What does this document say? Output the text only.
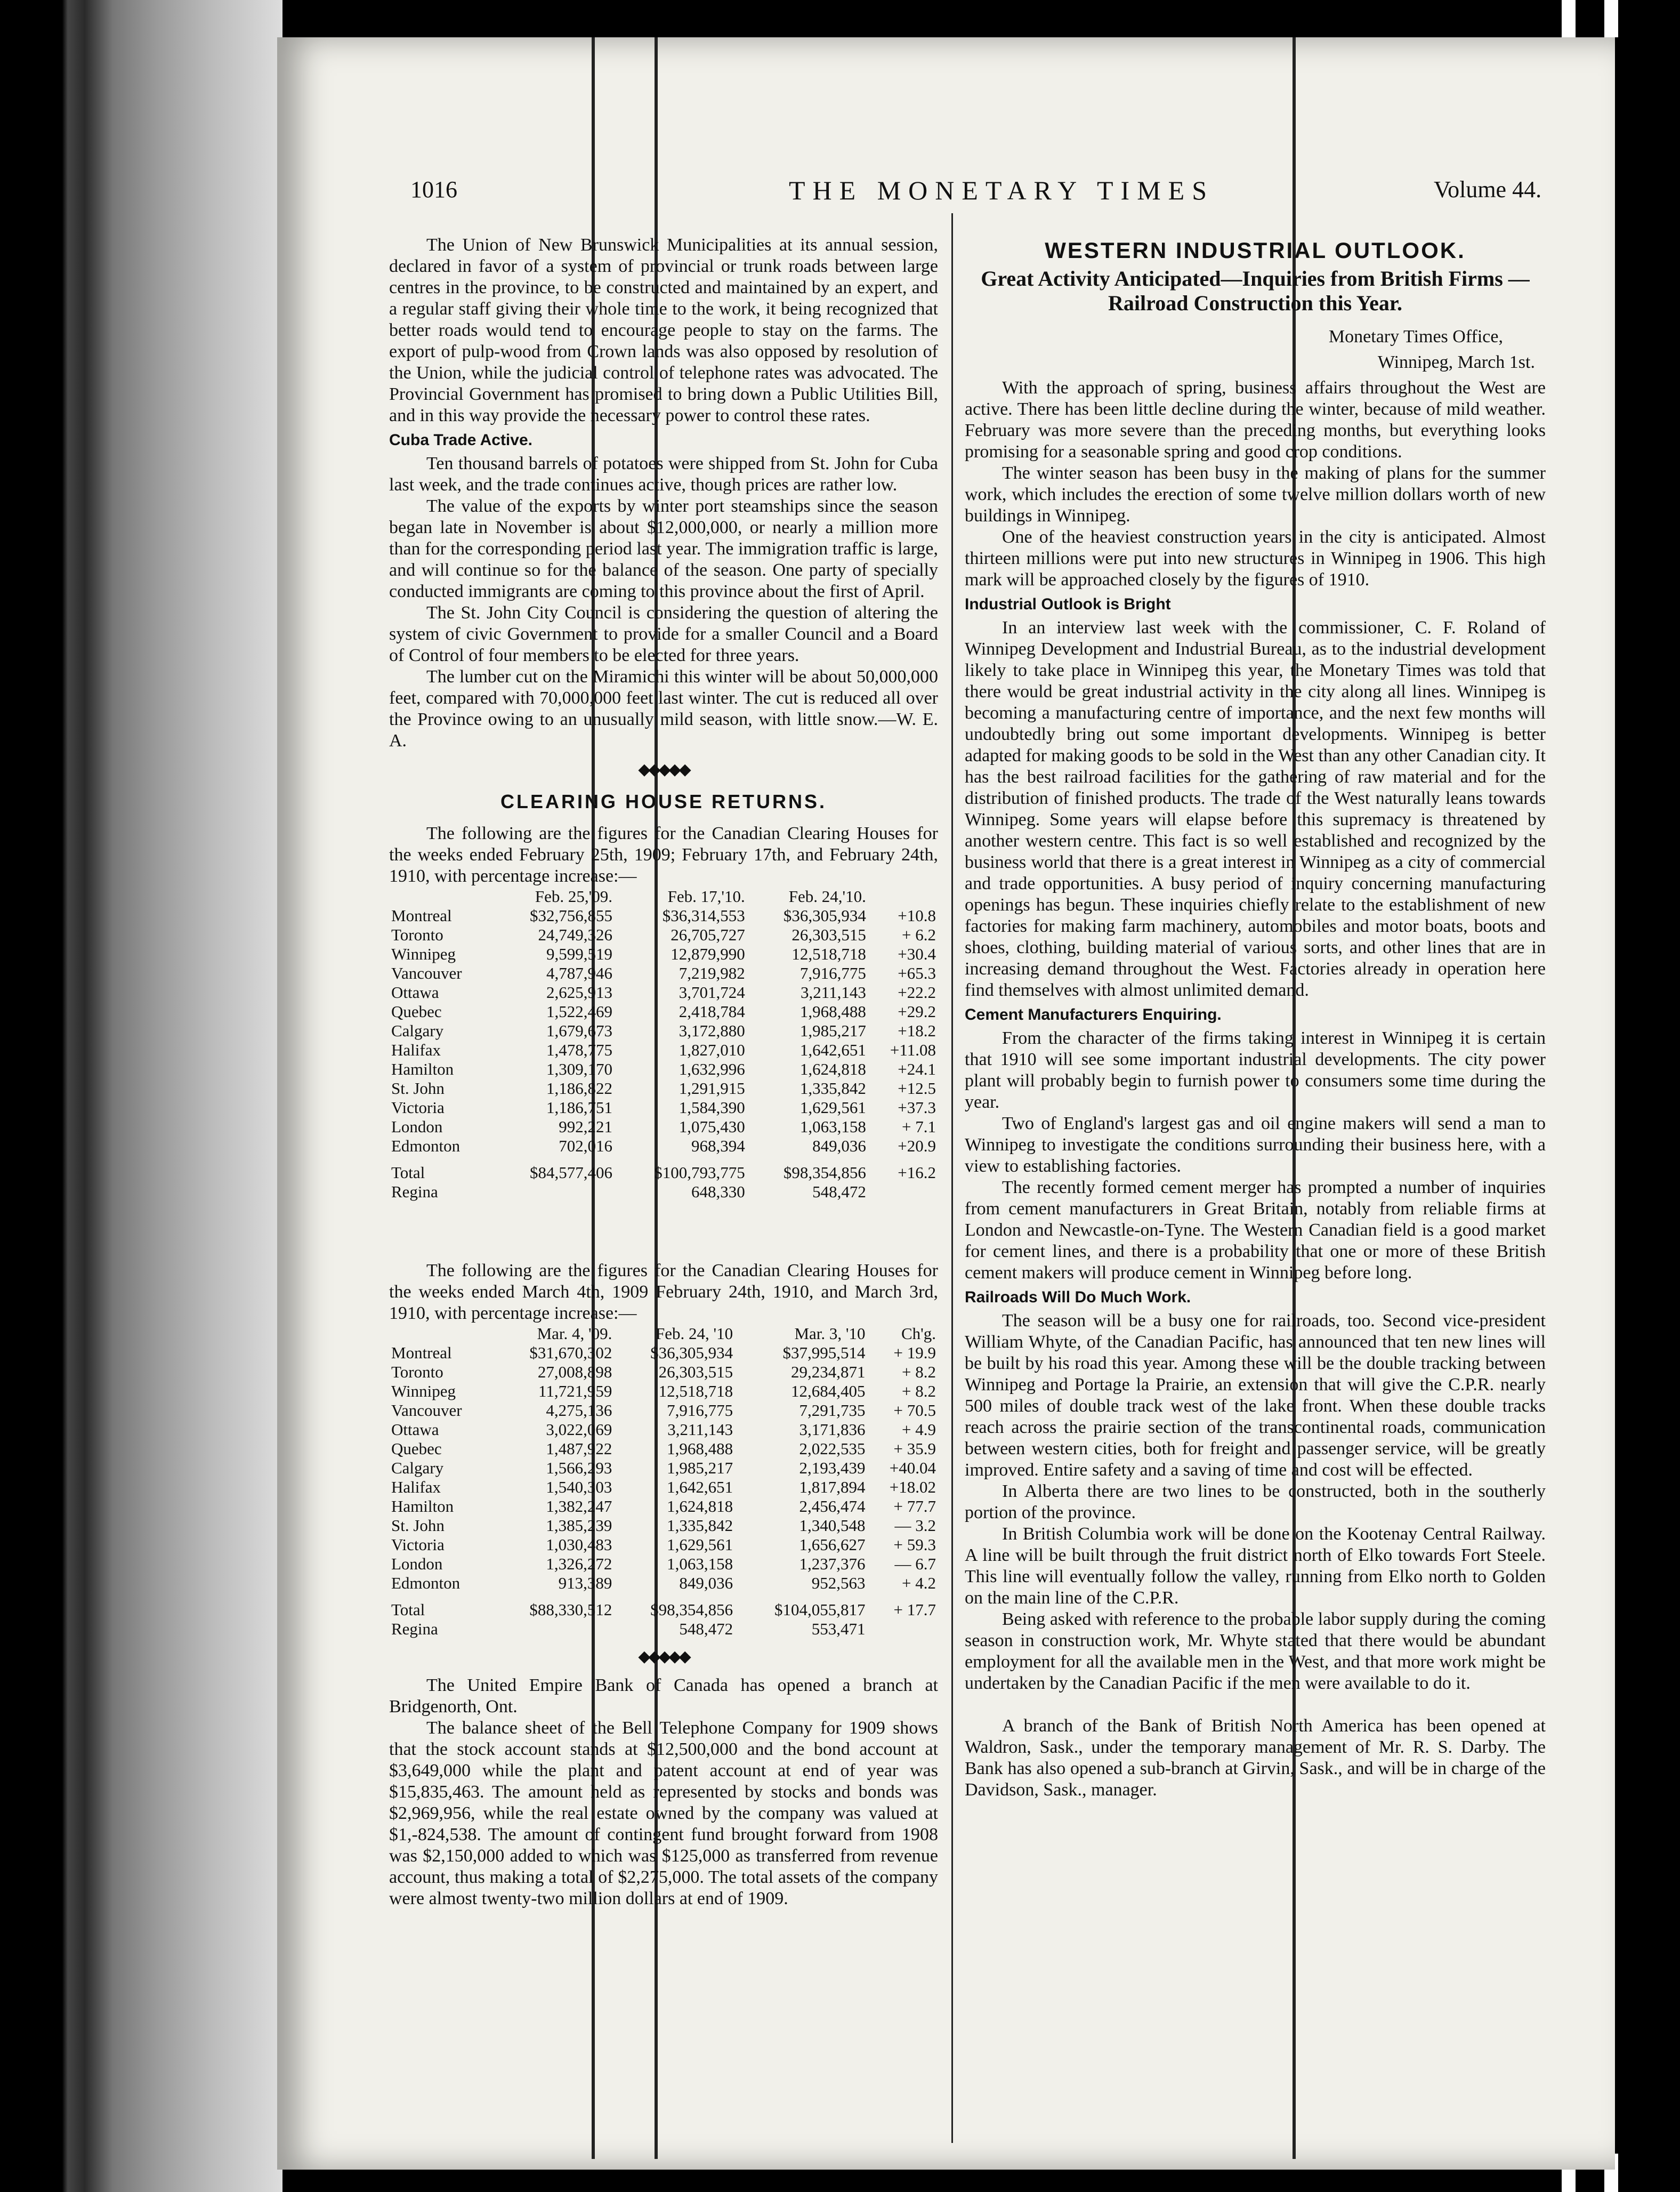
1016	THE MONETARY TIMES	Volume 44.

The Union of New Brunswick Municipalities at its annual session, declared in favor of a system of provincial or trunk roads between large centres in the province, to be constructed and maintained by an expert, and a regular staff giving their whole time to the work, it being recognized that better roads would tend to encourage people to stay on the farms. The export of pulp-wood from Crown lands was also opposed by resolution of the Union, while the judicial control of telephone rates was advocated. The Provincial Government has promised to bring down a Public Utilities Bill, and in this way provide the necessary power to control these rates.

Cuba Trade Active.

Ten thousand barrels of potatoes were shipped from St. John for Cuba last week, and the trade continues active, though prices are rather low.

The value of the exports by winter port steamships since the season began late in November is about $12,000,000, or nearly a million more than for the corresponding period last year. The immigration traffic is large, and will continue so for the balance of the season. One party of specially conducted immigrants are coming to this province about the first of April.

The St. John City Council is considering the question of altering the system of civic Government to provide for a smaller Council and a Board of Control of four members to be elected for three years.

The lumber cut on the Miramichi this winter will be about 50,000,000 feet, compared with 70,000,000 feet last winter. The cut is reduced all over the Province owing to an unusually mild season, with little snow.—W. E. A.

◆◆◆◆◆
CLEARING HOUSE RETURNS.

The following are the figures for the Canadian Clearing Houses for the weeks ended February 25th, 1909; February 17th, and February 24th, 1910, with percentage increase:—

	Feb. 25,'09.	Feb. 17,'10.	Feb. 24,'10.	
Montreal	$32,756,855	$36,314,553	$36,305,934	+10.8
Toronto	24,749,326	26,705,727	26,303,515	+ 6.2
Winnipeg	9,599,519	12,879,990	12,518,718	+30.4
Vancouver	4,787,946	7,219,982	7,916,775	+65.3
Ottawa	2,625,913	3,701,724	3,211,143	+22.2
Quebec	1,522,469	2,418,784	1,968,488	+29.2
Calgary	1,679,673	3,172,880	1,985,217	+18.2
Halifax	1,478,775	1,827,010	1,642,651	+11.08
Hamilton	1,309,170	1,632,996	1,624,818	+24.1
St. John	1,186,822	1,291,915	1,335,842	+12.5
Victoria	1,186,751	1,584,390	1,629,561	+37.3
London	992,221	1,075,430	1,063,158	+ 7.1
Edmonton	702,016	968,394	849,036	+20.9
Total	$84,577,406	$100,793,775	$98,354,856	+16.2
Regina		648,330	548,472	

The following are the figures for the Canadian Clearing Houses for the weeks ended March 4th, 1909 February 24th, 1910, and March 3rd, 1910, with percentage increase:—

	Mar. 4, '09.	Feb. 24, '10	Mar. 3, '10	Ch'g.
Montreal	$31,670,302	$36,305,934	$37,995,514	+ 19.9
Toronto	27,008,898	26,303,515	29,234,871	+ 8.2
Winnipeg	11,721,959	12,518,718	12,684,405	+ 8.2
Vancouver	4,275,136	7,916,775	7,291,735	+ 70.5
Ottawa	3,022,069	3,211,143	3,171,836	+ 4.9
Quebec	1,487,922	1,968,488	2,022,535	+ 35.9
Calgary	1,566,293	1,985,217	2,193,439	+40.04
Halifax	1,540,303	1,642,651	1,817,894	+18.02
Hamilton	1,382,247	1,624,818	2,456,474	+ 77.7
St. John	1,385,239	1,335,842	1,340,548	— 3.2
Victoria	1,030,483	1,629,561	1,656,627	+ 59.3
London	1,326,272	1,063,158	1,237,376	— 6.7
Edmonton	913,389	849,036	952,563	+ 4.2
Total	$88,330,512	$98,354,856	$104,055,817	+ 17.7
Regina		548,472	553,471	
◆◆◆◆◆

The United Empire Bank of Canada has opened a branch at Bridgenorth, Ont.

The balance sheet of the Bell Telephone Company for 1909 shows that the stock account stands at $12,500,000 and the bond account at $3,649,000 while the plant and patent account at end of year was $15,835,463. The amount held as represented by stocks and bonds was $2,969,956, while the real estate owned by the company was valued at $1,-824,538. The amount of contingent fund brought forward from 1908 was $2,150,000 added to which was $125,000 as transferred from revenue account, thus making a total of $2,275,000. The total assets of the company were almost twenty-two million dollars at end of 1909.

WESTERN INDUSTRIAL OUTLOOK.
Great Activity Anticipated—Inquiries from British Firms —Railroad Construction this Year.
Monetary Times Office,
Winnipeg, March 1st.

With the approach of spring, business affairs throughout the West are active. There has been little decline during the winter, because of mild weather. February was more severe than the preceding months, but everything looks promising for a seasonable spring and good crop conditions.

The winter season has been busy in the making of plans for the summer work, which includes the erection of some twelve million dollars worth of new buildings in Winnipeg.

One of the heaviest construction years in the city is anticipated. Almost thirteen millions were put into new structures in Winnipeg in 1906. This high mark will be approached closely by the figures of 1910.

Industrial Outlook is Bright

In an interview last week with the commissioner, C. F. Roland of Winnipeg Development and Industrial Bureau, as to the industrial development likely to take place in Winnipeg this year, the Monetary Times was told that there would be great industrial activity in the city along all lines. Winnipeg is becoming a manufacturing centre of importance, and the next few months will undoubtedly bring out some important developments. Winnipeg is better adapted for making goods to be sold in the West than any other Canadian city. It has the best railroad facilities for the gathering of raw material and for the distribution of finished products. The trade of the West naturally leans towards Winnipeg. Some years will elapse before this supremacy is threatened by another western centre. This fact is so well established and recognized by the business world that there is a great interest in Winnipeg as a city of commercial and trade opportunities. A busy period of inquiry concerning manufacturing openings has begun. These inquiries chiefly relate to the establishment of new factories for making farm machinery, automobiles and motor boats, boots and shoes, clothing, building material of various sorts, and other lines that are in increasing demand throughout the West. Factories already in operation here find themselves with almost unlimited demand.

Cement Manufacturers Enquiring.

From the character of the firms taking interest in Winnipeg it is certain that 1910 will see some important industrial developments. The city power plant will probably begin to furnish power to consumers some time during the year.

Two of England's largest gas and oil engine makers will send a man to Winnipeg to investigate the conditions surrounding their business here, with a view to establishing factories.

The recently formed cement merger has prompted a number of inquiries from cement manufacturers in Great Britain, notably from reliable firms at London and Newcastle-on-Tyne. The Western Canadian field is a good market for cement lines, and there is a probability that one or more of these British cement makers will produce cement in Winnipeg before long.

Railroads Will Do Much Work.

The season will be a busy one for railroads, too. Second vice-president William Whyte, of the Canadian Pacific, has announced that ten new lines will be built by his road this year. Among these will be the double tracking between Winnipeg and Portage la Prairie, an extension that will give the C.P.R. nearly 500 miles of double track west of the lake front. When these double tracks reach across the prairie section of the transcontinental roads, communication between western cities, both for freight and passenger service, will be greatly improved. Entire safety and a saving of time and cost will be effected.

In Alberta there are two lines to be constructed, both in the southerly portion of the province.

In British Columbia work will be done on the Kootenay Central Railway. A line will be built through the fruit district north of Elko towards Fort Steele. This line will eventually follow the valley, running from Elko north to Golden on the main line of the C.P.R.

Being asked with reference to the probable labor supply during the coming season in construction work, Mr. Whyte stated that there would be abundant employment for all the available men in the West, and that more work might be undertaken by the Canadian Pacific if the men were available to do it.

A branch of the Bank of British North America has been opened at Waldron, Sask., under the temporary management of Mr. R. S. Darby. The Bank has also opened a sub-branch at Girvin, Sask., and will be in charge of the Davidson, Sask., manager.
